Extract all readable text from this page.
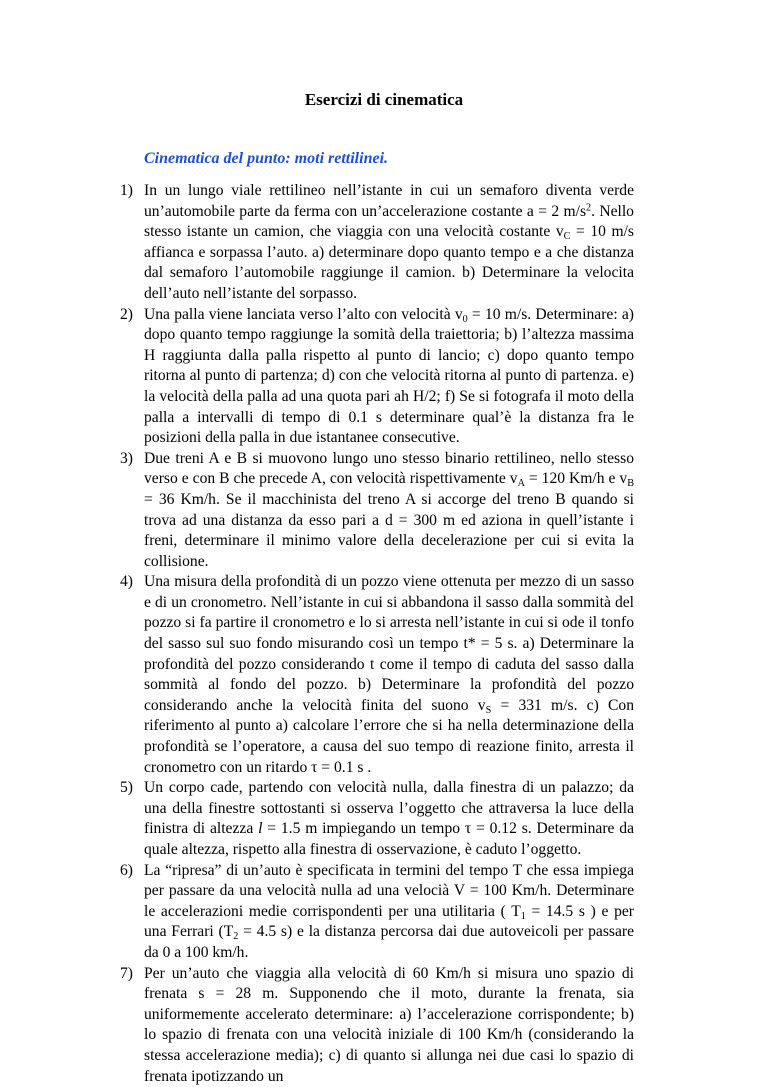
Esercizi di cinematica
Cinematica del punto: moti rettilinei.
1) In un lungo viale rettilineo nell’istante in cui un semaforo diventa verde un’automobile parte da ferma con un’accelerazione costante a = 2 $m/s^2$. Nello stesso istante un camion, che viaggia con una velocità costante $v_C = 10$ m/s affianca e sorpassa l’auto. a) determinare dopo quanto tempo e a che distanza dal semaforo l’automobile raggiunge il camion. b) Determinare la velocita dell’auto nell’istante del sorpasso.
2) Una palla viene lanciata verso l’alto con velocità $v_0 = 10$ m/s. Determinare: a) dopo quanto tempo raggiunge la somità della traiettoria; b) l’altezza massima H raggiunta dalla palla rispetto al punto di lancio; c) dopo quanto tempo ritorna al punto di partenza; d) con che velocità ritorna al punto di partenza. e) la velocità della palla ad una quota pari ah H/2; f) Se si fotografa il moto della palla a intervalli di tempo di 0.1 s determinare qual’è la distanza fra le posizioni della palla in due istantanee consecutive.
3) Due treni A e B si muovono lungo uno stesso binario rettilineo, nello stesso verso e con B che precede A, con velocità rispettivamente $v_A = 120$ Km/h e $v_B = 36$ Km/h. Se il macchinista del treno A si accorge del treno B quando si trova ad una distanza da esso pari a d = 300 m ed aziona in quell’istante i freni, determinare il minimo valore della decelerazione per cui si evita la collisione.
4) Una misura della profondità di un pozzo viene ottenuta per mezzo di un sasso e di un cronometro. Nell’istante in cui si abbandona il sasso dalla sommità del pozzo si fa partire il cronometro e lo si arresta nell’istante in cui si ode il tonfo del sasso sul suo fondo misurando così un tempo t* = 5 s. a) Determinare la profondità del pozzo considerando t come il tempo di caduta del sasso dalla sommità al fondo del pozzo. b) Determinare la profondità del pozzo considerando anche la velocità finita del suono $v_S = 331$ m/s. c) Con riferimento al punto a) calcolare l’errore che si ha nella determinazione della profondità se l’operatore, a causa del suo tempo di reazione finito, arresta il cronometro con un ritardo τ = 0.1 s .
5) Un corpo cade, partendo con velocità nulla, dalla finestra di un palazzo; da una della finestre sottostanti si osserva l’oggetto che attraversa la luce della finistra di altezza l = 1.5 m impiegando un tempo τ = 0.12 s. Determinare da quale altezza, rispetto alla finestra di osservazione, è caduto l’oggetto.
6) La “ripresa” di un’auto è specificata in termini del tempo T che essa impiega per passare da una velocità nulla ad una velocià V = 100 Km/h. Determinare le accelerazioni medie corrispondenti per una utilitaria ( $T_1 = 14.5$ s ) e per una Ferrari ($T_2 = 4.5$ s) e la distanza percorsa dai due autoveicoli per passare da 0 a 100 km/h.
7) Per un’auto che viaggia alla velocità di 60 Km/h si misura uno spazio di frenata s = 28 m. Supponendo che il moto, durante la frenata, sia uniformemente accelerato determinare: a) l’accelerazione corrispondente; b) lo spazio di frenata con una velocità iniziale di 100 Km/h (considerando la stessa accelerazione media); c) di quanto si allunga nei due casi lo spazio di frenata ipotizzando un
